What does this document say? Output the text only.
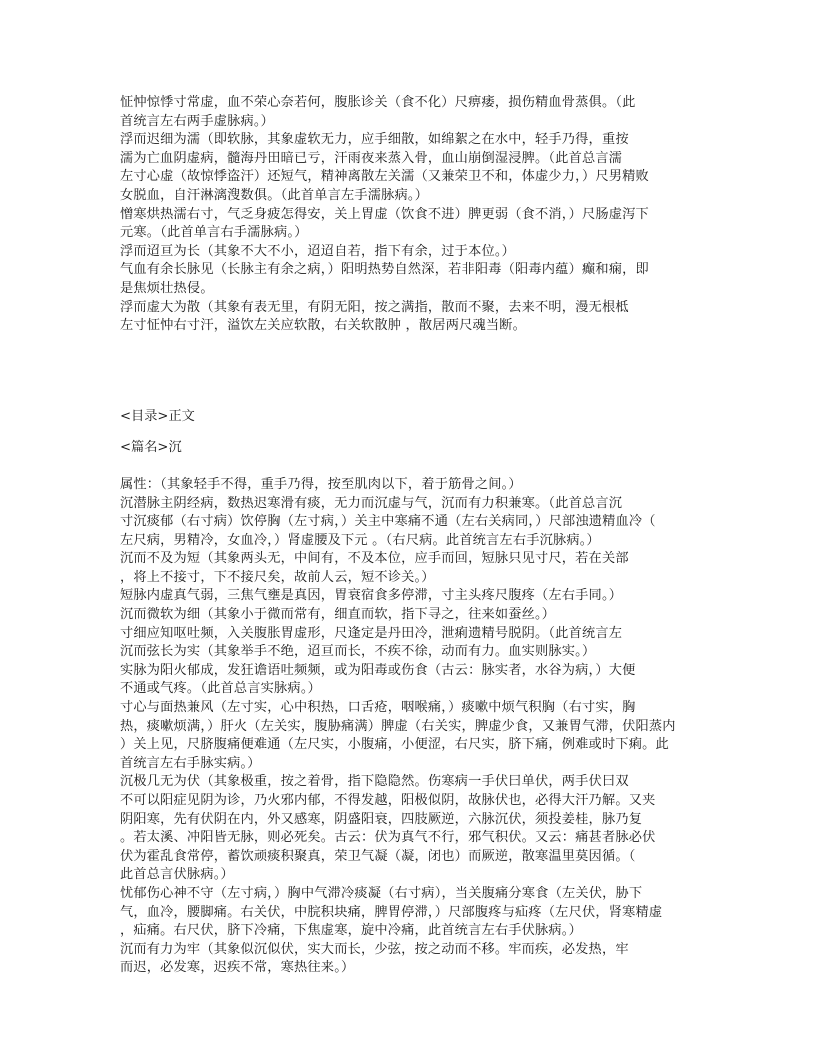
怔忡惊悸寸常虚，血不荣心奈若何，腹胀诊关（食不化）尺痹痿，损伤精血骨蒸俱。（此
首统言左右两手虚脉病。）
浮而迟细为濡（即软脉，其象虚软无力，应手细散，如绵絮之在水中，轻手乃得，重按
濡为亡血阴虚病，髓海丹田暗已亏，汗雨夜来蒸入骨，血山崩倒湿浸脾。（此首总言濡
左寸心虚（故惊悸盗汗）还短气，精神离散左关濡（又兼荣卫不和，体虚少力，）尺男精败
女脱血，自汗淋漓溲数俱。（此首单言左手濡脉病。）
憎寒烘热濡右寸，气乏身疲怎得安，关上胃虚（饮食不进）脾更弱（食不消，）尺肠虚泻下
元寒。（此首单言右手濡脉病。）
浮而迢亘为长（其象不大不小，迢迢自若，指下有余，过于本位。）
气血有余长脉见（长脉主有余之病，）阳明热势自然深，若非阳毒（阳毒内蕴）癫和痫，即
是焦烦壮热侵。
浮而虚大为散（其象有表无里，有阴无阳，按之满指，散而不聚，去来不明，漫无根柢
左寸怔忡右寸汗，溢饮左关应软散，右关软散肿 ，散居两尺魂当断。
<目录>正文
<篇名>沉
属性：（其象轻手不得，重手乃得，按至肌肉以下，着于筋骨之间。）
沉潜脉主阴经病，数热迟寒滑有痰，无力而沉虚与气，沉而有力积兼寒。（此首总言沉
寸沉痰郁（右寸病）饮停胸（左寸病，）关主中寒痛不通（左右关病同，）尺部浊遗精血冷（
左尺病，男精冷，女血冷，）肾虚腰及下元 。（右尺病。此首统言左右手沉脉病。）
沉而不及为短（其象两头无，中间有，不及本位，应手而回，短脉只见寸尺，若在关部
，将上不接寸，下不接尺矣，故前人云，短不诊关。）
短脉内虚真气弱，三焦气壅是真因，胃衰宿食多停滞，寸主头疼尺腹疼（左右手同。）
沉而微软为细（其象小于微而常有，细直而软，指下寻之，往来如蚕丝。）
寸细应知呕吐频，入关腹胀胃虚形，尺逢定是丹田冷，泄痢遗精号脱阴。（此首统言左
沉而弦长为实（其象举手不绝，迢亘而长，不疾不徐，动而有力。血实则脉实。）
实脉为阳火郁成，发狂谵语吐频频，或为阳毒或伤食（古云：脉实者，水谷为病，）大便
不通或气疼。（此首总言实脉病。）
寸心与面热兼风（左寸实，心中积热，口舌疮，咽喉痛，）痰嗽中烦气积胸（右寸实，胸
热，痰嗽烦满，）肝火（左关实，腹胁痛满）脾虚（右关实，脾虚少食，又兼胃气滞，伏阳蒸内
）关上见，尺脐腹痛便难通（左尺实，小腹痛，小便涩，右尺实，脐下痛，例难或时下痢。此
首统言左右手脉实病。）
沉极几无为伏（其象极重，按之着骨，指下隐隐然。伤寒病一手伏曰单伏，两手伏曰双
不可以阳症见阴为诊，乃火邪内郁，不得发越，阳极似阴，故脉伏也，必得大汗乃解。又夹
阴阳寒，先有伏阴在内，外又感寒，阴盛阳衰，四肢厥逆，六脉沉伏，须投姜桂，脉乃复
。若太溪、冲阳皆无脉，则必死矣。古云：伏为真气不行，邪气积伏。又云：痛甚者脉必伏
伏为霍乱食常停，蓄饮顽痰积聚真，荣卫气凝（凝，闭也）而厥逆，散寒温里莫因循。（
此首总言伏脉病。）
忧郁伤心神不守（左寸病，）胸中气滞冷痰凝（右寸病），当关腹痛分寒食（左关伏，胁下
气，血冷，腰脚痛。右关伏，中脘积块痛，脾胃停滞，）尺部腹疼与疝疼（左尺伏，肾寒精虚
，疝痛。右尺伏，脐下冷痛，下焦虚寒，旋中冷痛，此首统言左右手伏脉病。）
沉而有力为牢（其象似沉似伏，实大而长，少弦，按之动而不移。牢而疾，必发热，牢
而迟，必发寒，迟疾不常，寒热往来。）
